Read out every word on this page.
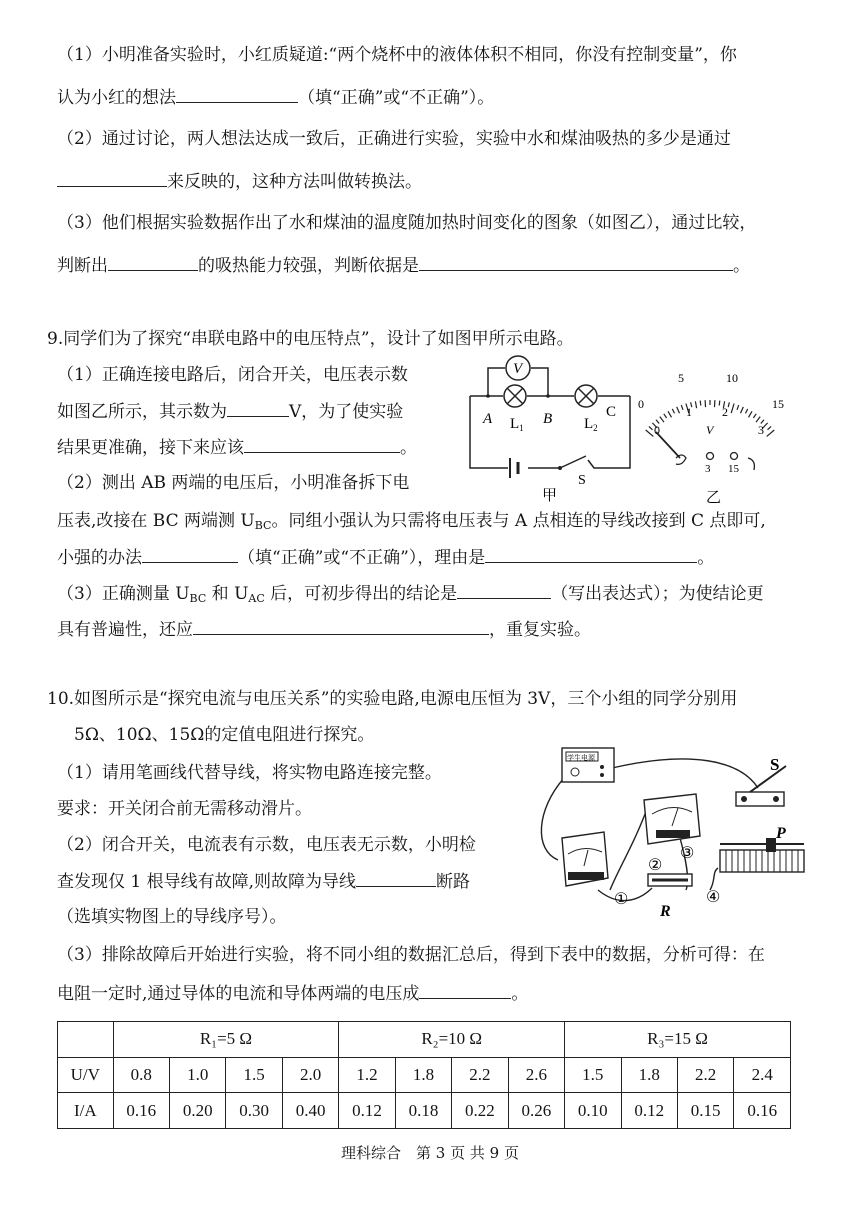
（1）小明准备实验时，小红质疑道:“两个烧杯中的液体体积不相同，你没有控制变量”，你
认为小红的想法	（填“正确”或“不正确”）。
（2）通过讨论，两人想法达成一致后，正确进行实验，实验中水和煤油吸热的多少是通过
来反映的，这种方法叫做转换法。
（3）他们根据实验数据作出了水和煤油的温度随加热时间变化的图象（如图乙），通过比较，
判断出	的吸热能力较强，判断依据是	。
9.同学们为了探究“串联电路中的电压特点”，设计了如图甲所示电路。
（1）正确连接电路后，闭合开关，电压表示数
如图乙所示，其示数为	V，为了使实验
结果更准确，接下来应该	。
（2）测出 AB 两端的电压后，小明准备拆下电
压表,改接在 BC 两端测 $U_{BC}$。同组小强认为只需将电压表与 A 点相连的导线改接到 C 点即可,
小强的办法	（填“正确”或“不正确”），理由是	。
（3）正确测量 $U_{BC}$ 和 $U_{AC}$ 后，可初步得出的结论是	（写出表达式）；为使结论更
具有普遍性，还应	，重复实验。
V
A	B	C
$L_1$	$L_2$
S
甲
0
5	10
15
0
1	2
3
V
3 15
乙
10.如图所示是“探究电流与电压关系”的实验电路,电源电压恒为 3V，三个小组的同学分别用
5Ω、10Ω、15Ω的定值电阻进行探究。
（1）请用笔画线代替导线，将实物电路连接完整。
要求：开关闭合前无需移动滑片。
（2）闭合开关，电流表有示数，电压表无示数，小明检
查发现仅 1 根导线有故障,则故障为导线	断路
（选填实物图上的导线序号）。
（3）排除故障后开始进行实验，将不同小组的数据汇总后，得到下表中的数据，分析可得：在
电阻一定时,通过导体的电流和导体两端的电压成	。
学生电源	S
R
P
①
②
③
④
	R₁=5 Ω				R₂=10 Ω				R₃=15 Ω			
U/V	0.8	1.0	1.5	2.0	1.2	1.8	2.2	2.6	1.5	1.8	2.2	2.4
I/A	0.16	0.20	0.30	0.40	0.12	0.18	0.22	0.26	0.10	0.12	0.15	0.16
理科综合　第 3 页 共 9 页
